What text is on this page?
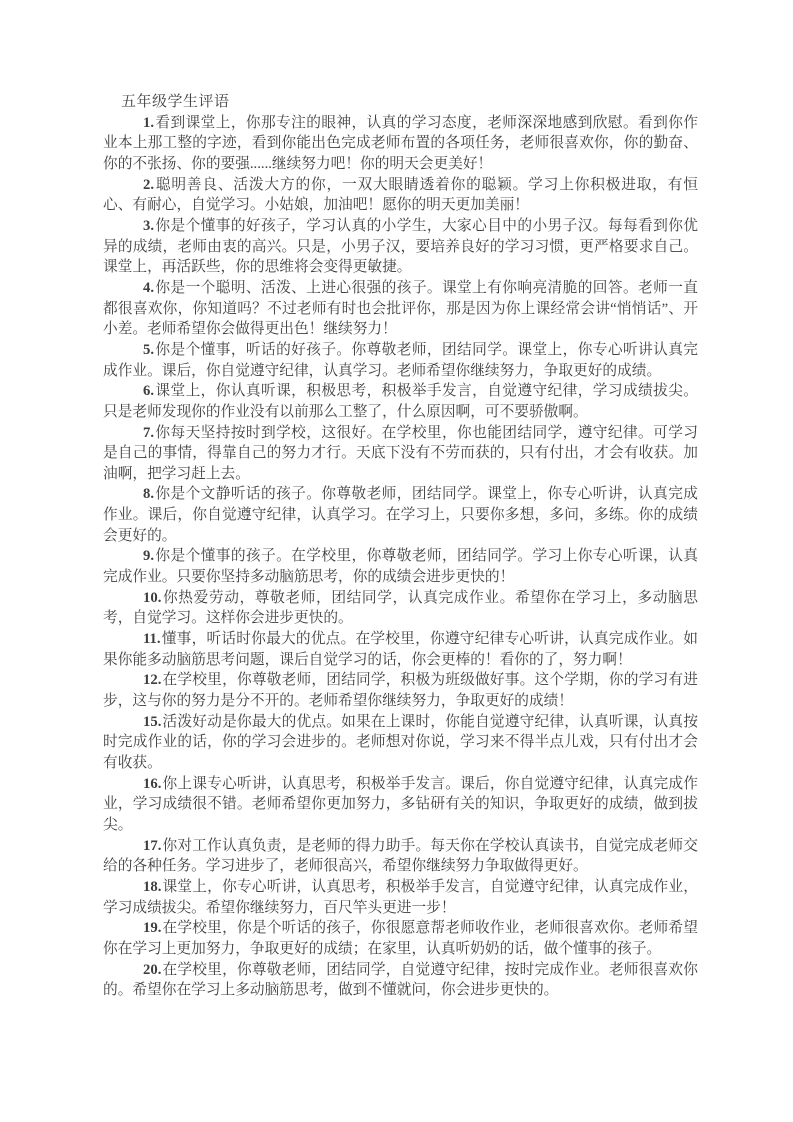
五年级学生评语

1.看到课堂上，你那专注的眼神，认真的学习态度，老师深深地感到欣慰。看到你作业本上那工整的字迹，看到你能出色完成老师布置的各项任务，老师很喜欢你，你的勤奋、你的不张扬、你的要强......继续努力吧！你的明天会更美好！

2.聪明善良、活泼大方的你，一双大眼睛透着你的聪颖。学习上你积极进取，有恒心、有耐心，自觉学习。小姑娘，加油吧！愿你的明天更加美丽！

3.你是个懂事的好孩子，学习认真的小学生，大家心目中的小男子汉。每每看到你优异的成绩，老师由衷的高兴。只是，小男子汉，要培养良好的学习习惯，更严格要求自己。课堂上，再活跃些，你的思维将会变得更敏捷。

4.你是一个聪明、活泼、上进心很强的孩子。课堂上有你响亮清脆的回答。老师一直都很喜欢你，你知道吗？不过老师有时也会批评你，那是因为你上课经常会讲“悄悄话”、开小差。老师希望你会做得更出色！继续努力！

5.你是个懂事，听话的好孩子。你尊敬老师，团结同学。课堂上，你专心听讲认真完成作业。课后，你自觉遵守纪律，认真学习。老师希望你继续努力，争取更好的成绩。

6.课堂上，你认真听课，积极思考，积极举手发言，自觉遵守纪律，学习成绩拔尖。只是老师发现你的作业没有以前那么工整了，什么原因啊，可不要骄傲啊。

7.你每天坚持按时到学校，这很好。在学校里，你也能团结同学，遵守纪律。可学习是自己的事情，得靠自己的努力才行。天底下没有不劳而获的，只有付出，才会有收获。加油啊，把学习赶上去。

8.你是个文静听话的孩子。你尊敬老师，团结同学。课堂上，你专心听讲，认真完成作业。课后，你自觉遵守纪律，认真学习。在学习上，只要你多想，多问，多练。你的成绩会更好的。

9.你是个懂事的孩子。在学校里，你尊敬老师，团结同学。学习上你专心听课，认真完成作业。只要你坚持多动脑筋思考，你的成绩会进步更快的！

10.你热爱劳动，尊敬老师，团结同学，认真完成作业。希望你在学习上，多动脑思考，自觉学习。这样你会进步更快的。

11.懂事，听话时你最大的优点。在学校里，你遵守纪律专心听讲，认真完成作业。如果你能多动脑筋思考问题，课后自觉学习的话，你会更棒的！看你的了，努力啊！

12.在学校里，你尊敬老师，团结同学，积极为班级做好事。这个学期，你的学习有进步，这与你的努力是分不开的。老师希望你继续努力，争取更好的成绩！

15.活泼好动是你最大的优点。如果在上课时，你能自觉遵守纪律，认真听课，认真按时完成作业的话，你的学习会进步的。老师想对你说，学习来不得半点儿戏，只有付出才会有收获。

16.你上课专心听讲，认真思考，积极举手发言。课后，你自觉遵守纪律，认真完成作业，学习成绩很不错。老师希望你更加努力，多钻研有关的知识，争取更好的成绩，做到拔尖。

17.你对工作认真负责，是老师的得力助手。每天你在学校认真读书，自觉完成老师交给的各种任务。学习进步了，老师很高兴，希望你继续努力争取做得更好。

18.课堂上，你专心听讲，认真思考，积极举手发言，自觉遵守纪律，认真完成作业，学习成绩拔尖。希望你继续努力，百尺竿头更进一步！

19.在学校里，你是个听话的孩子，你很愿意帮老师收作业，老师很喜欢你。老师希望你在学习上更加努力，争取更好的成绩；在家里，认真听奶奶的话，做个懂事的孩子。

20.在学校里，你尊敬老师，团结同学，自觉遵守纪律，按时完成作业。老师很喜欢你的。希望你在学习上多动脑筋思考，做到不懂就问，你会进步更快的。
